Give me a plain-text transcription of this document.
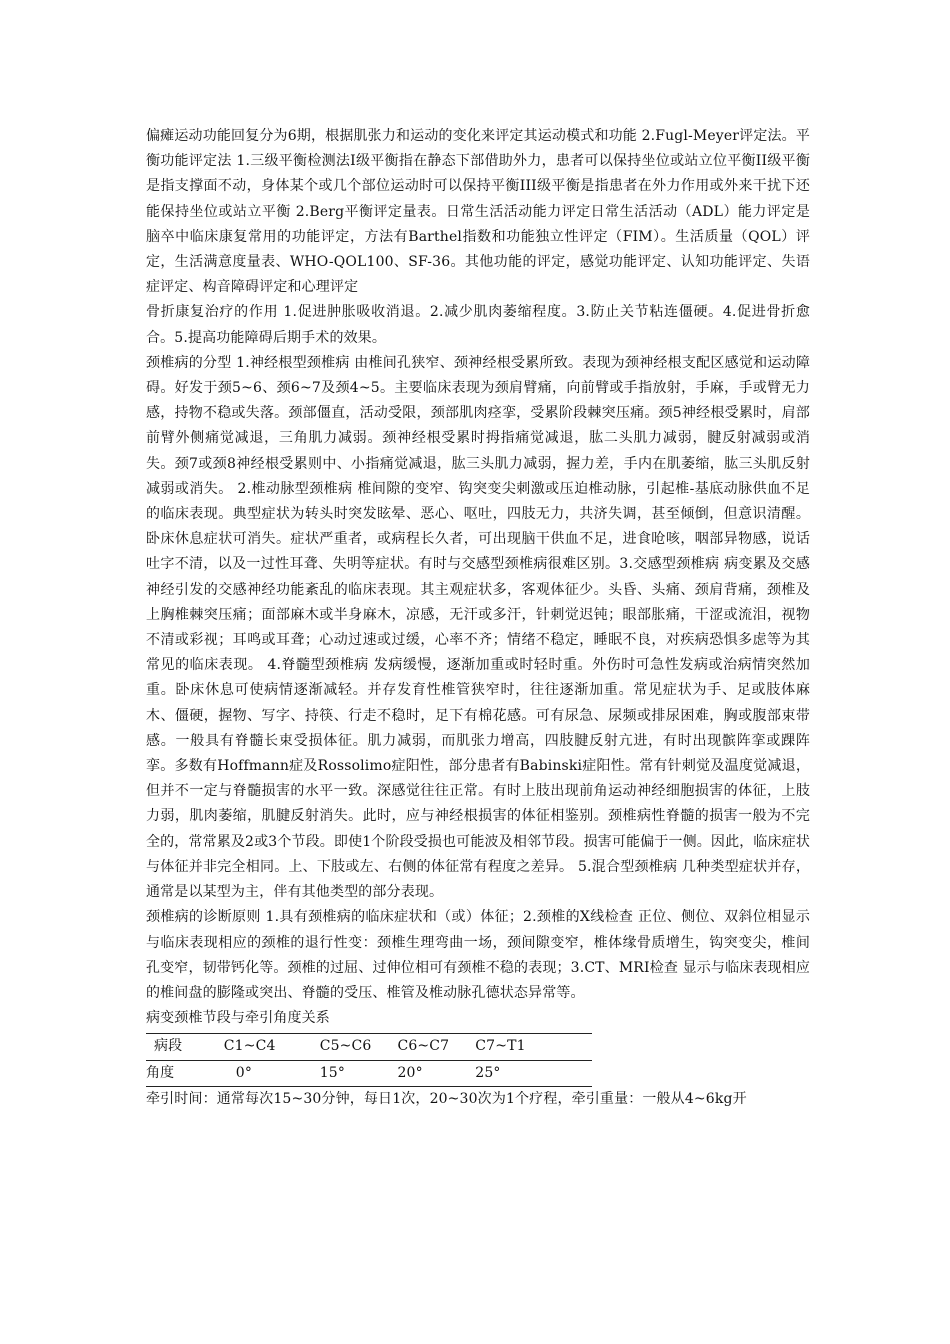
偏瘫运动功能回复分为6期，根据肌张力和运动的变化来评定其运动模式和功能 2.Fugl-Meyer评定法。平衡功能评定法 1.三级平衡检测法I级平衡指在静态下部借助外力，患者可以保持坐位或站立位平衡II级平衡是指支撑面不动，身体某个或几个部位运动时可以保持平衡III级平衡是指患者在外力作用或外来干扰下还能保持坐位或站立平衡 2.Berg平衡评定量表。日常生活活动能力评定日常生活活动（ADL）能力评定是脑卒中临床康复常用的功能评定，方法有Barthel指数和功能独立性评定（FIM）。生活质量（QOL）评定，生活满意度量表、WHO-QOL100、SF-36。其他功能的评定，感觉功能评定、认知功能评定、失语症评定、构音障碍评定和心理评定

骨折康复治疗的作用 1.促进肿胀吸收消退。2.减少肌肉萎缩程度。3.防止关节粘连僵硬。4.促进骨折愈合。5.提高功能障碍后期手术的效果。

颈椎病的分型 1.神经根型颈椎病 由椎间孔狭窄、颈神经根受累所致。表现为颈神经根支配区感觉和运动障碍。好发于颈5~6、颈6~7及颈4~5。主要临床表现为颈肩臂痛，向前臂或手指放射，手麻，手或臂无力感，持物不稳或失落。颈部僵直，活动受限，颈部肌肉痉挛，受累阶段棘突压痛。颈5神经根受累时，肩部前臂外侧痛觉减退，三角肌力减弱。颈神经根受累时拇指痛觉减退，肱二头肌力减弱，腱反射减弱或消失。颈7或颈8神经根受累则中、小指痛觉减退，肱三头肌力减弱，握力差，手内在肌萎缩，肱三头肌反射减弱或消失。 2.椎动脉型颈椎病 椎间隙的变窄、钩突变尖刺激或压迫椎动脉，引起椎-基底动脉供血不足的临床表现。典型症状为转头时突发眩晕、恶心、呕吐，四肢无力，共济失调，甚至倾倒，但意识清醒。卧床休息症状可消失。症状严重者，或病程长久者，可出现脑干供血不足，进食呛咳，咽部异物感，说话吐字不清，以及一过性耳聋、失明等症状。有时与交感型颈椎病很难区别。3.交感型颈椎病 病变累及交感神经引发的交感神经功能紊乱的临床表现。其主观症状多，客观体征少。头昏、头痛、颈肩背痛，颈椎及上胸椎棘突压痛；面部麻木或半身麻木，凉感，无汗或多汗，针刺觉迟钝；眼部胀痛，干涩或流泪，视物不清或彩视；耳鸣或耳聋；心动过速或过缓，心率不齐；情绪不稳定，睡眠不良，对疾病恐惧多虑等为其常见的临床表现。 4.脊髓型颈椎病 发病缓慢，逐渐加重或时轻时重。外伤时可急性发病或治病情突然加重。卧床休息可使病情逐渐减轻。并存发育性椎管狭窄时，往往逐渐加重。常见症状为手、足或肢体麻木、僵硬，握物、写字、持筷、行走不稳时，足下有棉花感。可有尿急、尿频或排尿困难，胸或腹部束带感。一般具有脊髓长束受损体征。肌力减弱，而肌张力增高，四肢腱反射亢进，有时出现髌阵挛或踝阵挛。多数有Hoffmann症及Rossolimo症阳性，部分患者有Babinski症阳性。常有针刺觉及温度觉减退，但并不一定与脊髓损害的水平一致。深感觉往往正常。有时上肢出现前角运动神经细胞损害的体征，上肢力弱，肌肉萎缩，肌腱反射消失。此时，应与神经根损害的体征相鉴别。颈椎病性脊髓的损害一般为不完全的，常常累及2或3个节段。即使1个阶段受损也可能波及相邻节段。损害可能偏于一侧。因此，临床症状与体征并非完全相同。上、下肢或左、右侧的体征常有程度之差异。 5.混合型颈椎病 几种类型症状并存，通常是以某型为主，伴有其他类型的部分表现。

颈椎病的诊断原则 1.具有颈椎病的临床症状和（或）体征；2.颈椎的X线检查 正位、侧位、双斜位相显示与临床表现相应的颈椎的退行性变：颈椎生理弯曲一场，颈间隙变窄，椎体缘骨质增生，钩突变尖，椎间孔变窄，韧带钙化等。颈椎的过屈、过伸位相可有颈椎不稳的表现；3.CT、MRI检查 显示与临床表现相应的椎间盘的膨隆或突出、脊髓的受压、椎管及椎动脉孔德状态异常等。

病变颈椎节段与牵引角度关系

病段	C1~C4	C5~C6	C6~C7	C7~T1
角度	0°	15°	20°	25°

牵引时间：通常每次15~30分钟，每日1次，20~30次为1个疗程，牵引重量：一般从4~6kg开
